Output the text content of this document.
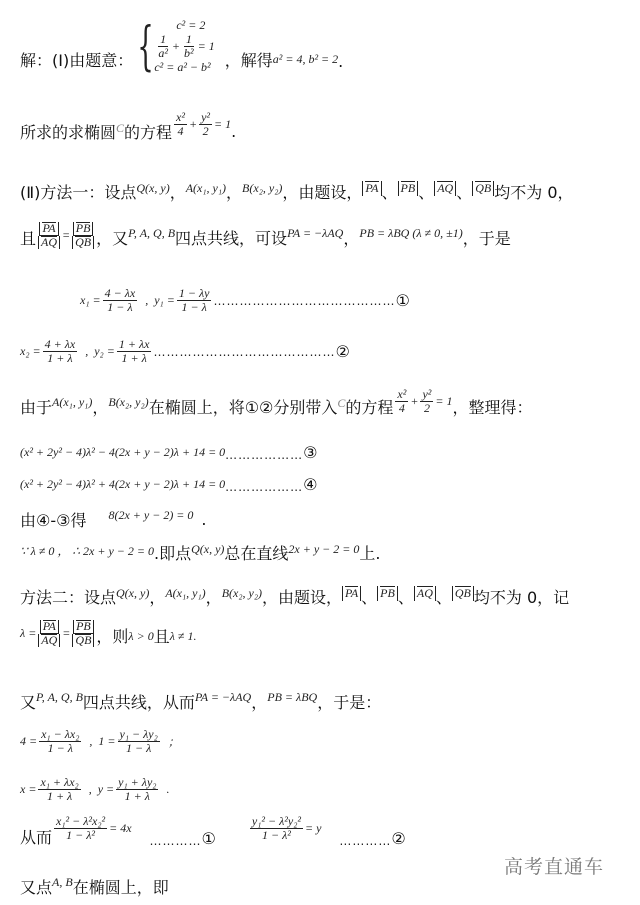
解：(Ⅰ)由题意： { c² = 2
$\frac{1}{\text{a²}} + \frac{1}{\text{b²}} = 1$
c² = a² − b² ，解得 a² = 4, b² = 2 .
所求的求椭圆 C 的方程 $\frac{\text{x²}}{4} + \frac{\text{y²}}{2} = 1$ .
(Ⅱ)方法一：设点 Q(x, y) ， A(x₁, y₁) ， B(x₂, y₂) ，由题设， PA 、 PB 、 AQ 、 QB 均不为 0，
且 $\frac{PA}{AQ} = \frac{PB}{QB}$ ，又 P, A, Q, B 四点共线，可设 PA = −λAQ ， PB = λBQ (λ ≠ 0, ±1) ，于是
$x_1 = \frac{4 - \lambda x}{1 - \lambda}$ ,  $y_1 = \frac{1 - \lambda y}{1 - \lambda}$ …………………………………… ①
$x_2 = \frac{4 + \lambda x}{1 + \lambda}$ ,  $y_2 = \frac{1 + \lambda x}{1 + \lambda}$ …………………………………… ②
由于 A(x₁, y₁) ， B(x₂, y₂) 在椭圆上，将①②分别带入 C 的方程 $\frac{\text{x²}}{4} + \frac{\text{y²}}{2} = 1$ ，整理得：
(x² + 2y² − 4)λ² − 4(2x + y − 2)λ + 14 = 0 ……………… ③
(x² + 2y² − 4)λ² + 4(2x + y − 2)λ + 14 = 0 ……………… ④
由④-③得 8(2x + y − 2) = 0 .
∵ λ ≠ 0 ， ∴ 2x + y − 2 = 0 .即点 Q(x, y) 总在直线 2x + y − 2 = 0 上.
方法二：设点 Q(x, y) ， A(x₁, y₁) ， B(x₂, y₂) ，由题设， PA 、 PB 、 AQ 、 QB 均不为 0，记
$\lambda = \frac{PA}{AQ} = \frac{PB}{QB}$ ，则 λ > 0 且 λ ≠ 1.
又 P, A, Q, B 四点共线，从而 PA = −λAQ ， PB = λBQ ，于是：
$4 = \frac{\text{x₁ − λx₂}}{1 - \lambda}$ ,  $1 = \frac{\text{y₁ − λy₂}}{1 - \lambda}$ ；
$x = \frac{\text{x₁ + λx₂}}{1 + \lambda}$ ,  $y = \frac{\text{y₁ + λy₂}}{1 + \lambda}$ .
从而 $\frac{\text{x₁² − λ²x₂²}}{\text{1 − λ²}} = 4x$
………… ①	$\frac{\text{y₁² − λ²y₂²}}{\text{1 − λ²}} = y$
………… ②
又点 A, B 在椭圆上，即
高考直通车
